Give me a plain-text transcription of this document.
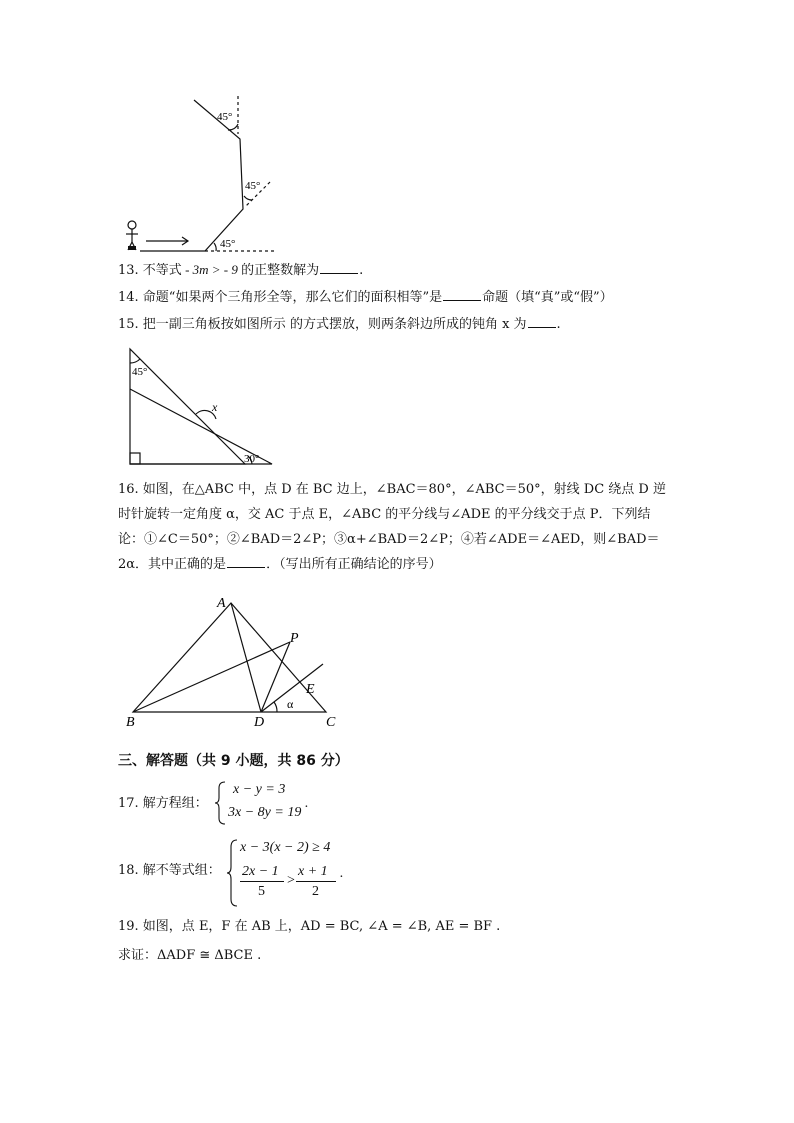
45°
45°
45°
13. 不等式 - 3m > - 9 的正整数解为	.
14. 命题“如果两个三角形全等，那么它们的面积相等”是	命题（填“真”或“假”）
15. 把一副三角板按如图所示 的方式摆放，则两条斜边所成的钝角 x 为 .
45°
x
30°
16. 如图，在△ABC 中，点 D 在 BC 边上，∠BAC＝80°，∠ABC＝50°，射线 DC 绕点 D 逆
时针旋转一定角度 α，交 AC 于点 E，∠ABC 的平分线与∠ADE 的平分线交于点 P．下列结
论：①∠C＝50°；②∠BAD＝2∠P；③α+∠BAD＝2∠P；④若∠ADE＝∠AED，则∠BAD＝
2α．其中正确的是	．（写出所有正确结论的序号）
A
B	C
D
E
P
α
三、解答题（共 9 小题，共 86 分）
17. 解方程组：
x − y = 3
3x − 8y = 19
.
18. 解不等式组：
x − 3(x − 2) ≥ 4
2x − 1
5
>
x + 1
2
.
19. 如图，点 E，F 在 AB 上，AD = BC, ∠A = ∠B, AE = BF .
求证：ΔADF ≅ ΔBCE .
